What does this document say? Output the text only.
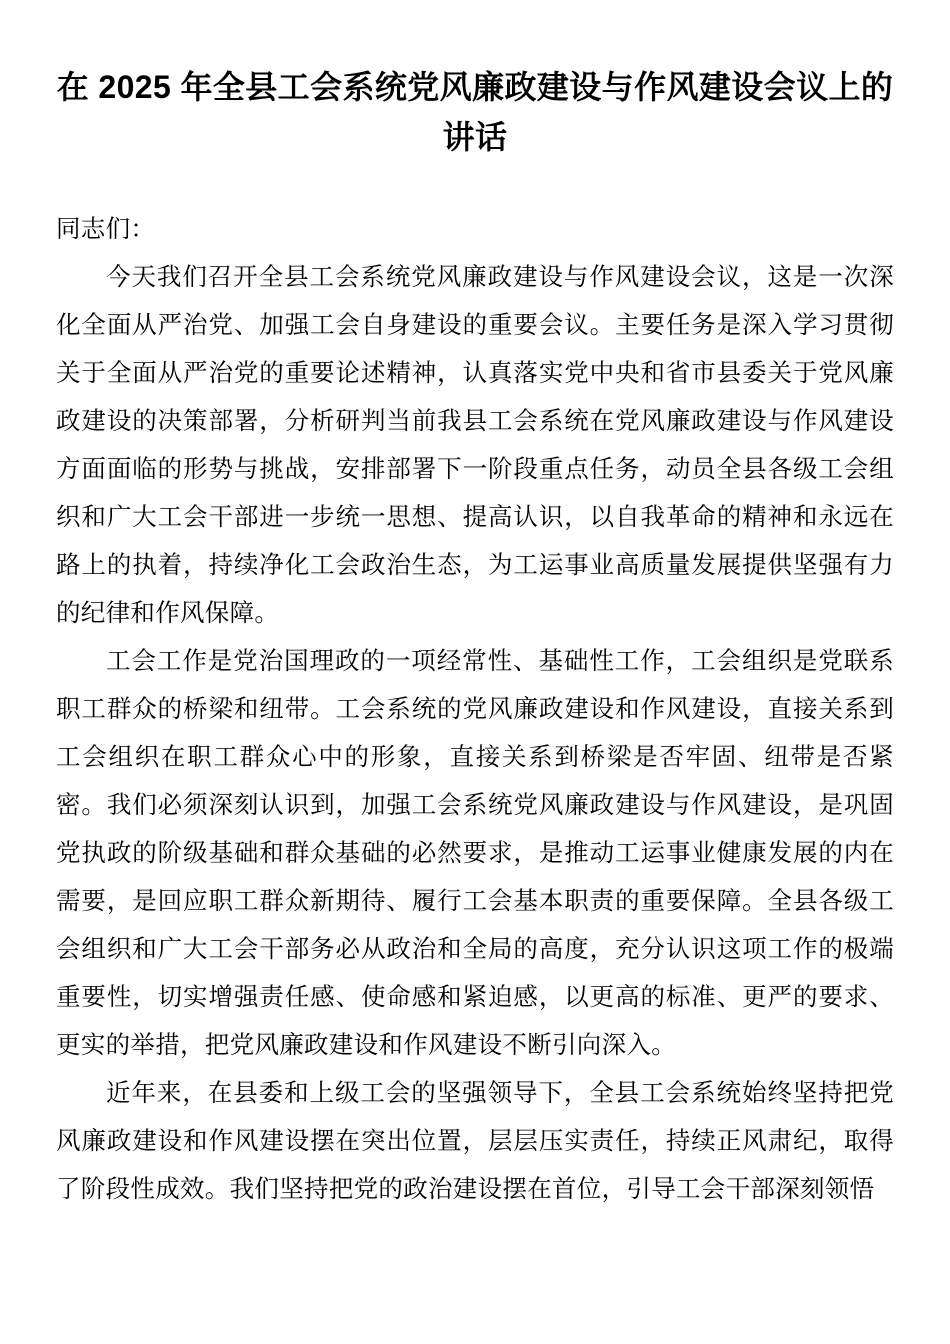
在 2025 年全县工会系统党风廉政建设与作风建设会议上的讲话

同志们：

今天我们召开全县工会系统党风廉政建设与作风建设会议，这是一次深化全面从严治党、加强工会自身建设的重要会议。主要任务是深入学习贯彻关于全面从严治党的重要论述精神，认真落实党中央和省市县委关于党风廉政建设的决策部署，分析研判当前我县工会系统在党风廉政建设与作风建设方面面临的形势与挑战，安排部署下一阶段重点任务，动员全县各级工会组织和广大工会干部进一步统一思想、提高认识，以自我革命的精神和永远在路上的执着，持续净化工会政治生态，为工运事业高质量发展提供坚强有力的纪律和作风保障。

工会工作是党治国理政的一项经常性、基础性工作，工会组织是党联系职工群众的桥梁和纽带。工会系统的党风廉政建设和作风建设，直接关系到工会组织在职工群众心中的形象，直接关系到桥梁是否牢固、纽带是否紧密。我们必须深刻认识到，加强工会系统党风廉政建设与作风建设，是巩固党执政的阶级基础和群众基础的必然要求，是推动工运事业健康发展的内在需要，是回应职工群众新期待、履行工会基本职责的重要保障。全县各级工会组织和广大工会干部务必从政治和全局的高度，充分认识这项工作的极端重要性，切实增强责任感、使命感和紧迫感，以更高的标准、更严的要求、更实的举措，把党风廉政建设和作风建设不断引向深入。

近年来，在县委和上级工会的坚强领导下，全县工会系统始终坚持把党风廉政建设和作风建设摆在突出位置，层层压实责任，持续正风肃纪，取得了阶段性成效。我们坚持把党的政治建设摆在首位，引导工会干部深刻领悟
